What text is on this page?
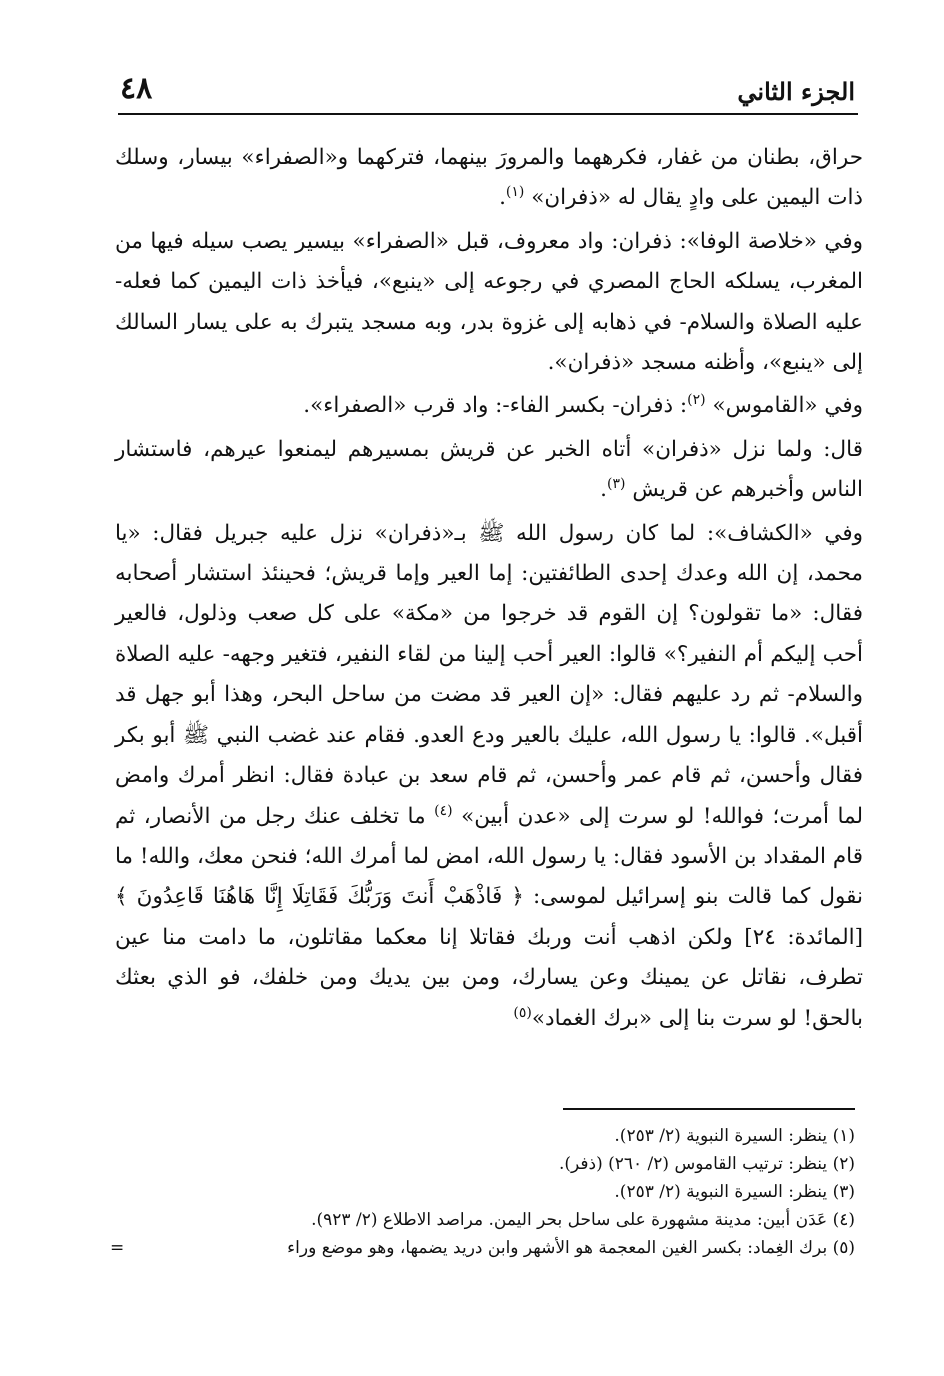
٤٨	الجزء الثاني

حراق، بطنان من غفار، فكرههما والمرورَ بينهما، فتركهما و«الصفراء» بيسار، وسلك ذات اليمين على وادٍ يقال له «ذفران» $^{(١)}$.

وفي «خلاصة الوفا»: ذفران: واد معروف، قبل «الصفراء» بيسير يصب سيله فيها من المغرب، يسلكه الحاج المصري في رجوعه إلى «ينبع»، فيأخذ ذات اليمين كما فعله- عليه الصلاة والسلام- في ذهابه إلى غزوة بدر، وبه مسجد يتبرك به على يسار السالك إلى «ينبع»، وأظنه مسجد «ذفران».

وفي «القاموس» $^{(٢)}$: ذفران- بكسر الفاء-: واد قرب «الصفراء».

قال: ولما نزل «ذفران» أتاه الخبر عن قريش بمسيرهم ليمنعوا عيرهم، فاستشار الناس وأخبرهم عن قريش $^{(٣)}$.

وفي «الكشاف»: لما كان رسول الله ﷺ بـ«ذفران» نزل عليه جبريل فقال: «يا محمد، إن الله وعدك إحدى الطائفتين: إما العير وإما قريش؛ فحينئذ استشار أصحابه فقال: «ما تقولون؟ إن القوم قد خرجوا من «مكة» على كل صعب وذلول، فالعير أحب إليكم أم النفير؟» قالوا: العير أحب إلينا من لقاء النفير، فتغير وجهه- عليه الصلاة والسلام- ثم رد عليهم فقال: «إن العير قد مضت من ساحل البحر، وهذا أبو جهل قد أقبل». قالوا: يا رسول الله، عليك بالعير ودع العدو. فقام عند غضب النبي ﷺ أبو بكر فقال وأحسن، ثم قام عمر وأحسن، ثم قام سعد بن عبادة فقال: انظر أمرك وامض لما أمرت؛ فوالله! لو سرت إلى «عدن أبين» $^{(٤)}$ ما تخلف عنك رجل من الأنصار، ثم قام المقداد بن الأسود فقال: يا رسول الله، امض لما أمرك الله؛ فنحن معك، والله! ما نقول كما قالت بنو إسرائيل لموسى: ﴿ فَاذْهَبْ أَنتَ وَرَبُّكَ فَقَاتِلَا إِنَّا هَاهُنَا قَاعِدُونَ ﴾ [المائدة: ٢٤] ولكن اذهب أنت وربك فقاتلا إنا معكما مقاتلون، ما دامت منا عين تطرف، نقاتل عن يمينك وعن يسارك، ومن بين يديك ومن خلفك، فو الذي بعثك بالحق! لو سرت بنا إلى «برك الغماد»$^{(٥)}$

(١) ينظر: السيرة النبوية (٢/ ٢٥٣).
(٢) ينظر: ترتيب القاموس (٢/ ٢٦٠) (ذفر).
(٣) ينظر: السيرة النبوية (٢/ ٢٥٣).
(٤) عَدَن أبين: مدينة مشهورة على ساحل بحر اليمن. مراصد الاطلاع (٢/ ٩٢٣).
(٥) برك الغِماد: بكسر الغين المعجمة هو الأشهر وابن دريد يضمها، وهو موضع وراء
=
